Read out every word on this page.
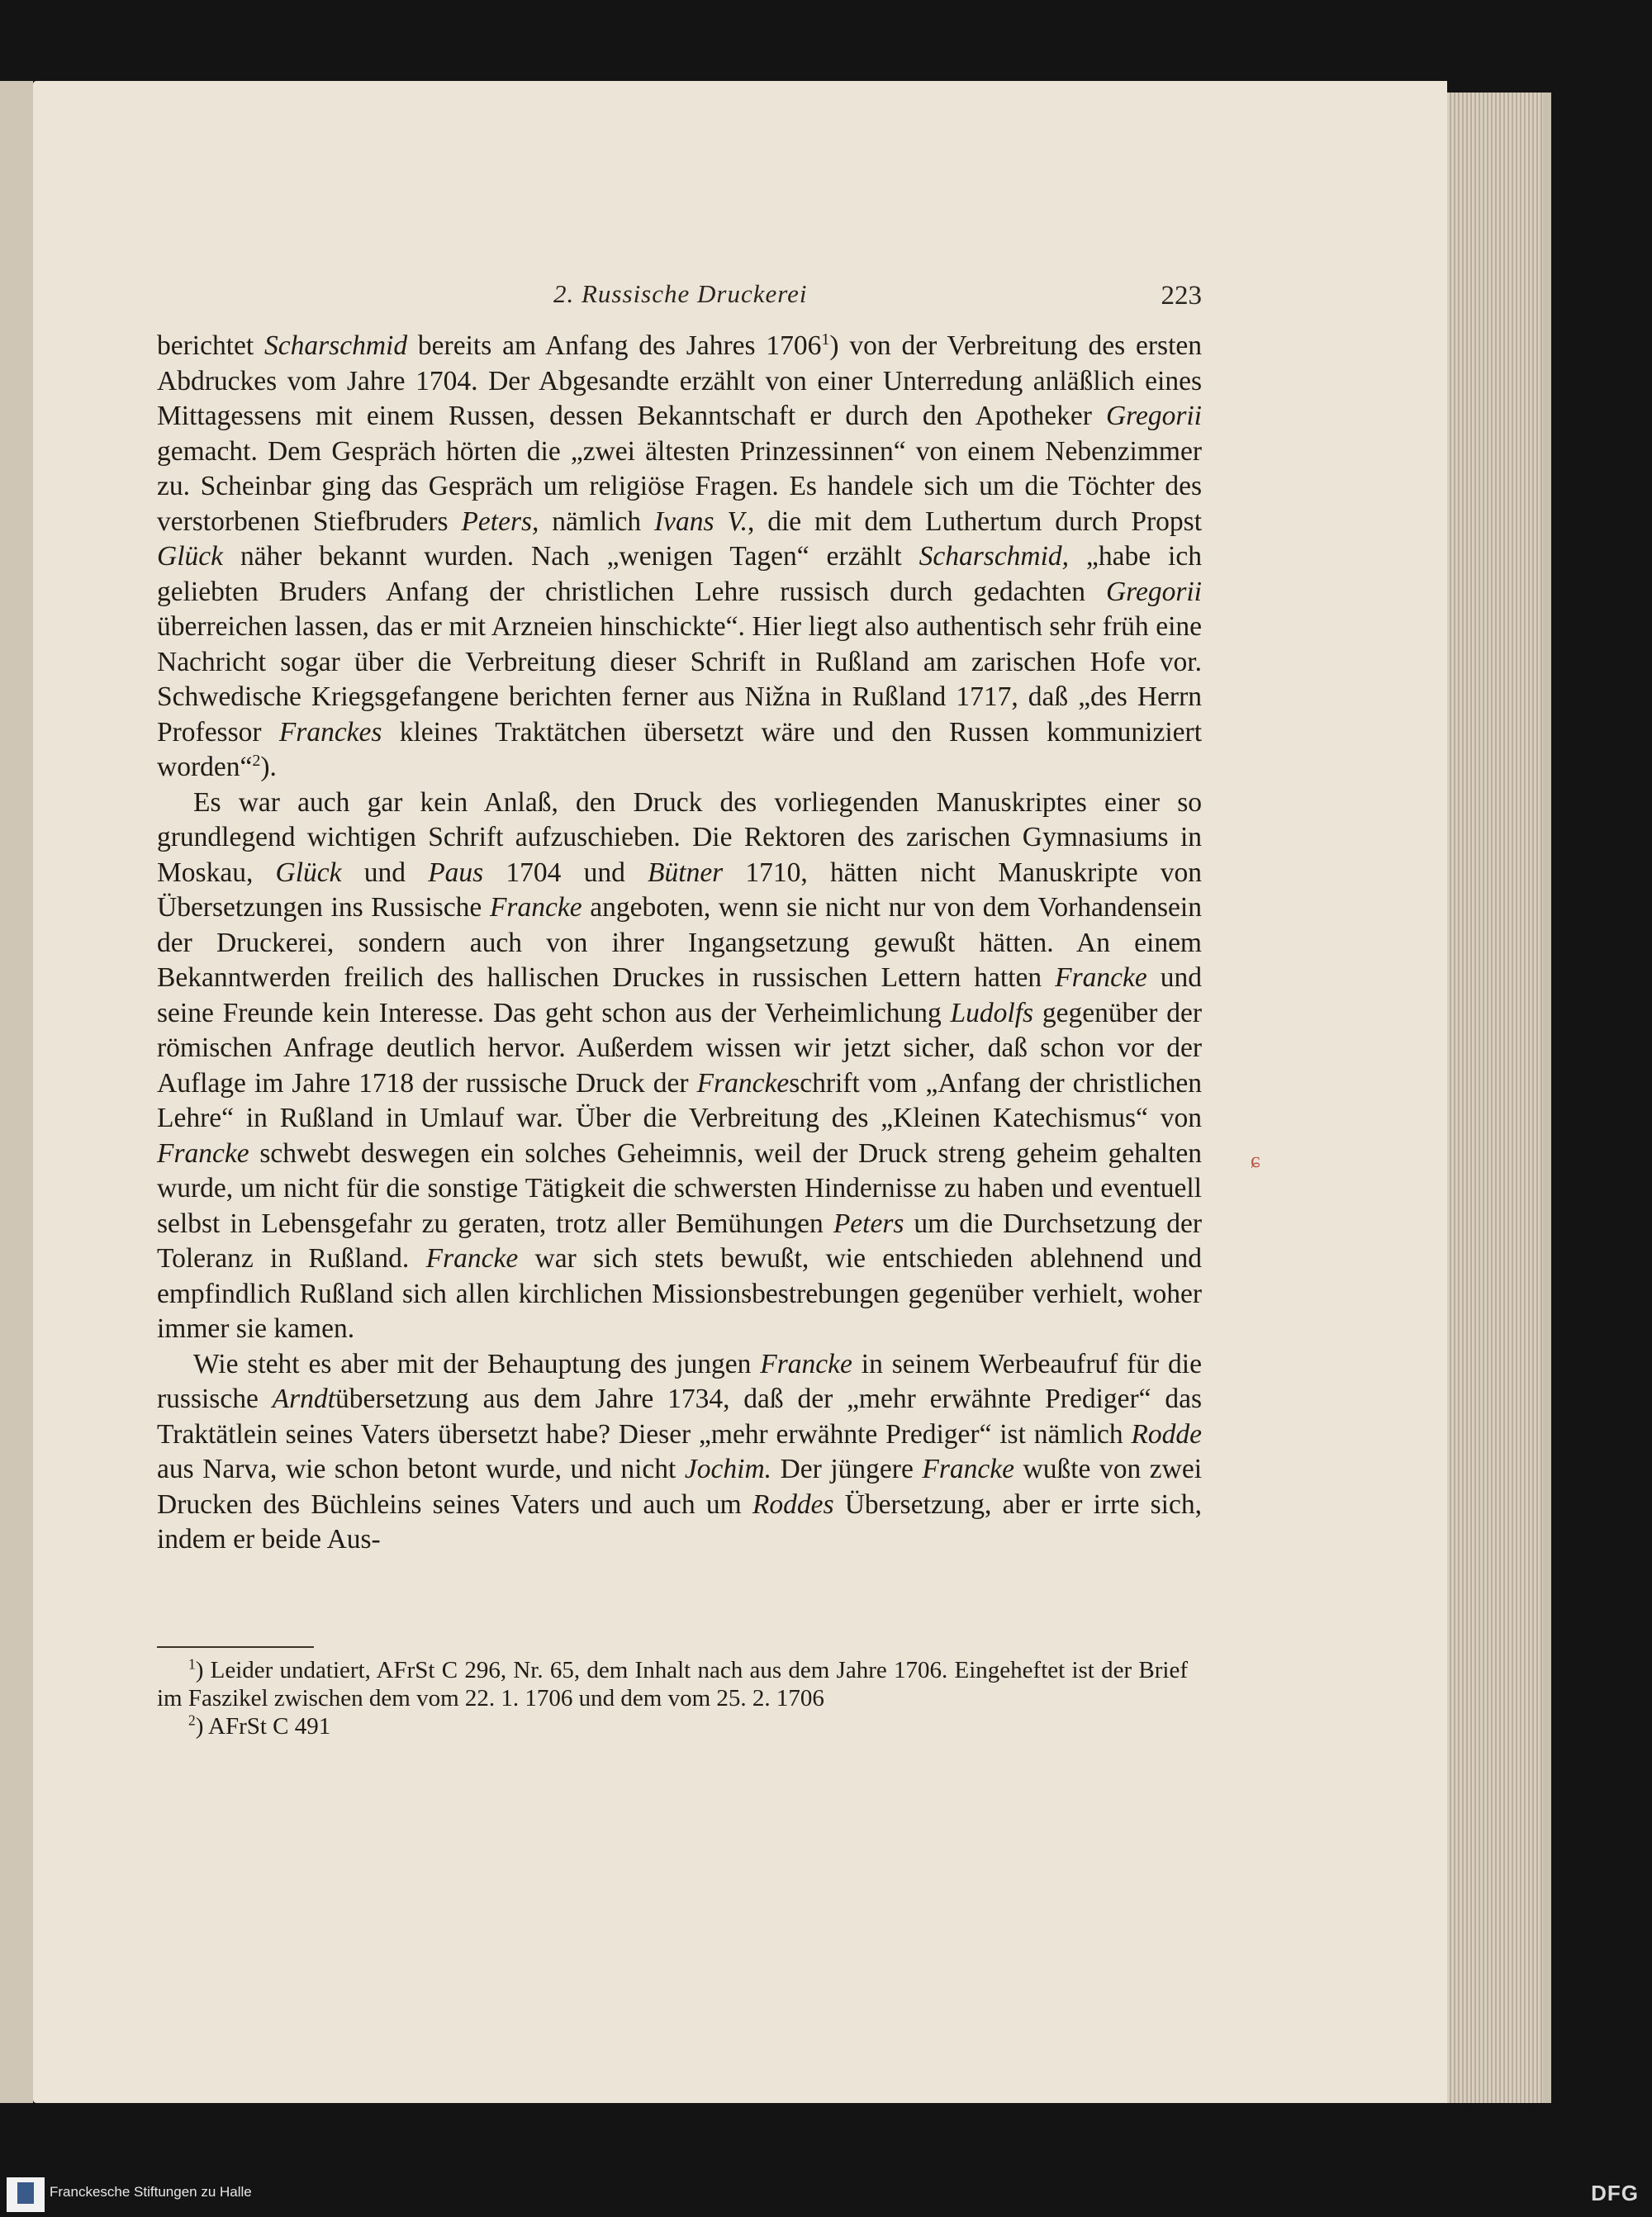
2. Russische Druckerei	223

berichtet Scharschmid bereits am Anfang des Jahres 1706$^1$) von der Verbreitung des ersten Abdruckes vom Jahre 1704. Der Abgesandte erzählt von einer Unterredung anläßlich eines Mittagessens mit einem Russen, dessen Bekanntschaft er durch den Apotheker Gregorii gemacht. Dem Gespräch hörten die „zwei ältesten Prinzessinnen“ von einem Nebenzimmer zu. Scheinbar ging das Gespräch um religiöse Fragen. Es handele sich um die Töchter des verstorbenen Stiefbruders Peters, nämlich Ivans V., die mit dem Luthertum durch Propst Glück näher bekannt wurden. Nach „wenigen Tagen“ erzählt Scharschmid, „habe ich geliebten Bruders Anfang der christlichen Lehre russisch durch gedachten Gregorii überreichen lassen, das er mit Arzneien hinschickte“. Hier liegt also authentisch sehr früh eine Nachricht sogar über die Verbreitung dieser Schrift in Rußland am zarischen Hofe vor. Schwedische Kriegsgefangene berichten ferner aus Nižna in Rußland 1717, daß „des Herrn Professor Franckes kleines Traktätchen übersetzt wäre und den Russen kommuniziert worden“$^2$).

Es war auch gar kein Anlaß, den Druck des vorliegenden Manuskriptes einer so grundlegend wichtigen Schrift aufzuschieben. Die Rektoren des zarischen Gymnasiums in Moskau, Glück und Paus 1704 und Bütner 1710, hätten nicht Manuskripte von Übersetzungen ins Russische Francke angeboten, wenn sie nicht nur von dem Vorhandensein der Druckerei, sondern auch von ihrer Ingangsetzung gewußt hätten. An einem Bekanntwerden freilich des hallischen Druckes in russischen Lettern hatten Francke und seine Freunde kein Interesse. Das geht schon aus der Verheimlichung Ludolfs gegenüber der römischen Anfrage deutlich hervor. Außerdem wissen wir jetzt sicher, daß schon vor der Auflage im Jahre 1718 der russische Druck der Franckeschrift vom „Anfang der christlichen Lehre“ in Rußland in Umlauf war. Über die Verbreitung des „Kleinen Katechismus“ von Francke schwebt deswegen ein solches Geheimnis, weil der Druck streng geheim gehalten wurde, um nicht für die sonstige Tätigkeit die schwersten Hindernisse zu haben und eventuell selbst in Lebensgefahr zu geraten, trotz aller Bemühungen Peters um die Durchsetzung der Toleranz in Rußland. Francke war sich stets bewußt, wie entschieden ablehnend und empfindlich Rußland sich allen kirchlichen Missionsbestrebungen gegenüber verhielt, woher immer sie kamen.

Wie steht es aber mit der Behauptung des jungen Francke in seinem Werbeaufruf für die russische Arndtübersetzung aus dem Jahre 1734, daß der „mehr erwähnte Prediger“ das Traktätlein seines Vaters übersetzt habe? Dieser „mehr erwähnte Prediger“ ist nämlich Rodde aus Narva, wie schon betont wurde, und nicht Jochim. Der jüngere Francke wußte von zwei Drucken des Büchleins seines Vaters und auch um Roddes Übersetzung, aber er irrte sich, indem er beide Aus-

ɕ

$^1$) Leider undatiert, AFrSt C 296, Nr. 65, dem Inhalt nach aus dem Jahre 1706. Eingeheftet ist der Brief im Faszikel zwischen dem vom 22. 1. 1706 und dem vom 25. 2. 1706

$^2$) AFrSt C 491

Franckesche Stiftungen zu Halle	DFG
